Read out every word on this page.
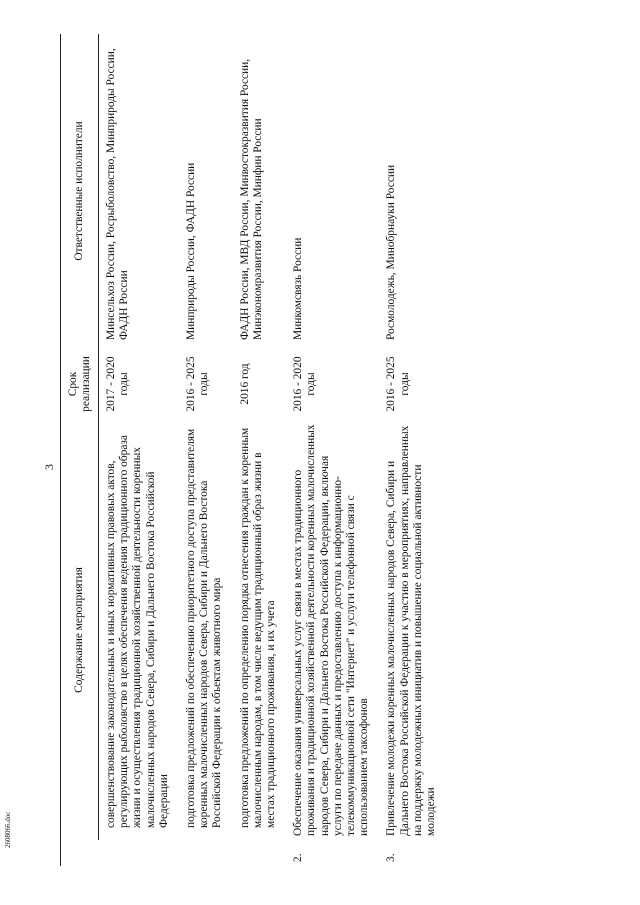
3
	Содержание мероприятия	Срок реализации	Ответственные исполнители
	совершенствование законодательных и иных нормативных правовых актов, регулирующих рыболовство в целях обеспечения ведения традиционного образа жизни и осуществления традиционной хозяйственной деятельности коренных малочисленных народов Севера, Сибири и Дальнего Востока Российской Федерации	2017 - 2020 годы	Минсельхоз России, Росрыболовство, Минприроды России, ФАДН России
	подготовка предложений по обеспечению приоритетного доступа представителям коренных малочисленных народов Севера, Сибири и Дальнего Востока Российской Федерации к объектам животного мира	2016 - 2025 годы	Минприроды России, ФАДН России
	подготовка предложений по определению порядка отнесения граждан к коренным малочисленным народам, в том числе ведущим традиционный образ жизни в местах традиционного проживания, и их учета	2016 год	ФАДН России, МВД России, Минвостокразвития России, Минэкономразвития России, Минфин России
2.	Обеспечение оказания универсальных услуг связи в местах традиционного проживания и традиционной хозяйственной деятельности коренных малочисленных народов Севера, Сибири и Дальнего Востока Российской Федерации, включая услуги по передаче данных и предоставлению доступа к информационно-телекоммуникационной сети "Интернет" и услуги телефонной связи с использованием таксофонов	2016 - 2020 годы	Минкомсвязь России
3.	Привлечение молодежи коренных малочисленных народов Севера, Сибири и Дальнего Востока Российской Федерации к участию в мероприятиях, направленных на поддержку молодежных инициатив и повышение социальной активности молодежи	2016 - 2025 годы	Росмолодежь, Минобрнауки России
2608066.doc
